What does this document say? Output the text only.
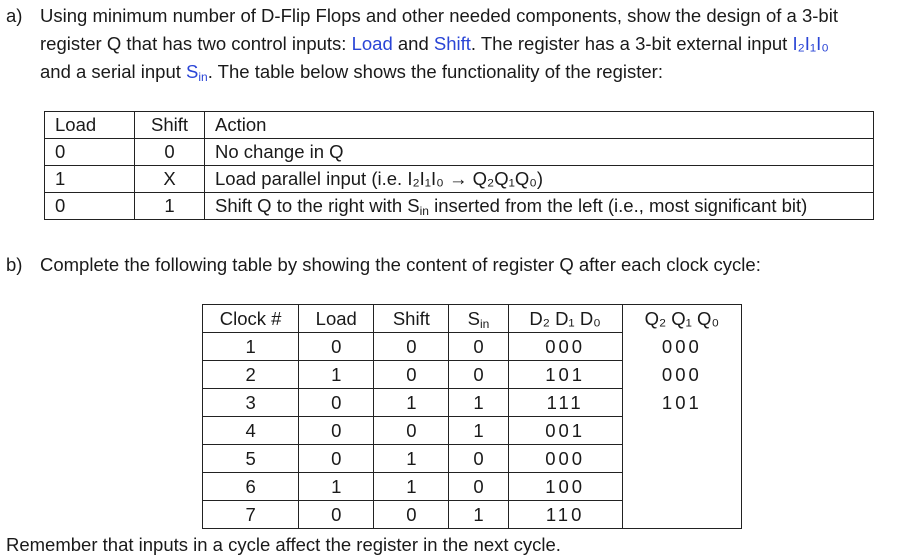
a) Using minimum number of D-Flip Flops and other needed components, show the design of a 3-bit
register Q that has two control inputs: Load and Shift. The register has a 3-bit external input I₂I₁I₀
and a serial input $S_{in}$. The table below shows the functionality of the register:
Load	Shift	Action
0	0	No change in Q
1	X	Load parallel input (i.e. I₂I₁I₀ → Q₂Q₁Q₀)
0	1	Shift Q to the right with $S_{in}$ inserted from the left (i.e., most significant bit)
b) Complete the following table by showing the content of register Q after each clock cycle:
Clock #	Load	Shift	$S_{in}$	D₂ D₁ D₀	Q₂ Q₁ Q₀
1	0	0	0	000	000
2	1	0	0	101	000
3	0	1	1	111	101
4	0	0	1	001	
5	0	1	0	000	
6	1	1	0	100	
7	0	0	1	110	
Remember that inputs in a cycle affect the register in the next cycle.
